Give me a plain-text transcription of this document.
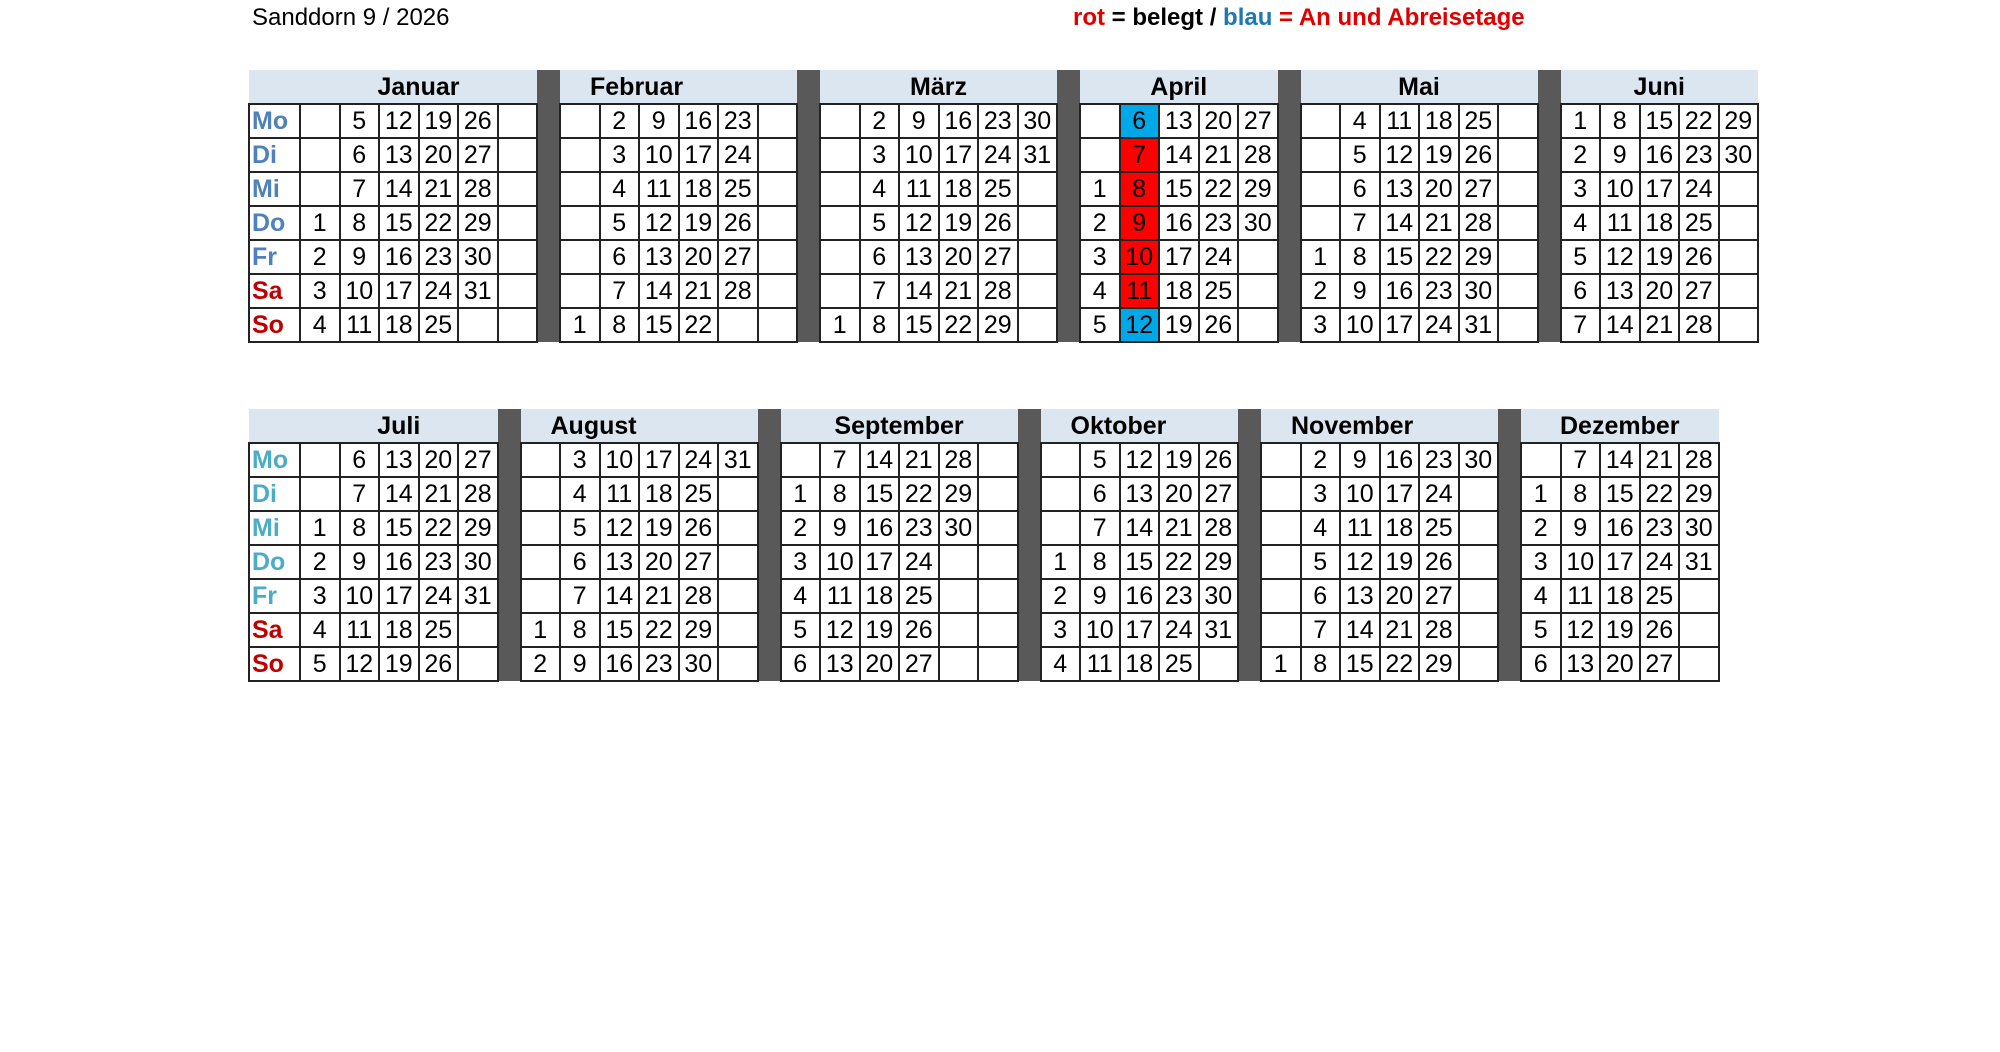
Sanddorn 9 / 2026	rot = belegt / blau = An und Abreisetage
	Januar							Februar							März							April						Mai							Juni				
Mo		5	12	19	26				2	9	16	23				2	9	16	23	30			6	13	20	27			4	11	18	25			1	8	15	22	29
Di		6	13	20	27				3	10	17	24				3	10	17	24	31			7	14	21	28			5	12	19	26			2	9	16	23	30
Mi		7	14	21	28				4	11	18	25				4	11	18	25			1	8	15	22	29			6	13	20	27			3	10	17	24	
Do	1	8	15	22	29				5	12	19	26				5	12	19	26			2	9	16	23	30			7	14	21	28			4	11	18	25	
Fr	2	9	16	23	30				6	13	20	27				6	13	20	27			3	10	17	24			1	8	15	22	29			5	12	19	26	
Sa	3	10	17	24	31				7	14	21	28				7	14	21	28			4	11	18	25			2	9	16	23	30			6	13	20	27	
So	4	11	18	25				1	8	15	22				1	8	15	22	29			5	12	19	26			3	10	17	24	31			7	14	21	28	
	Juli						August							September							Oktober						November							Dezember				
Mo		6	13	20	27			3	10	17	24	31			7	14	21	28				5	12	19	26			2	9	16	23	30			7	14	21	28
Di		7	14	21	28			4	11	18	25			1	8	15	22	29				6	13	20	27			3	10	17	24			1	8	15	22	29
Mi	1	8	15	22	29			5	12	19	26			2	9	16	23	30				7	14	21	28			4	11	18	25			2	9	16	23	30
Do	2	9	16	23	30			6	13	20	27			3	10	17	24				1	8	15	22	29			5	12	19	26			3	10	17	24	31
Fr	3	10	17	24	31			7	14	21	28			4	11	18	25				2	9	16	23	30			6	13	20	27			4	11	18	25	
Sa	4	11	18	25			1	8	15	22	29			5	12	19	26				3	10	17	24	31			7	14	21	28			5	12	19	26	
So	5	12	19	26			2	9	16	23	30			6	13	20	27				4	11	18	25			1	8	15	22	29			6	13	20	27	
